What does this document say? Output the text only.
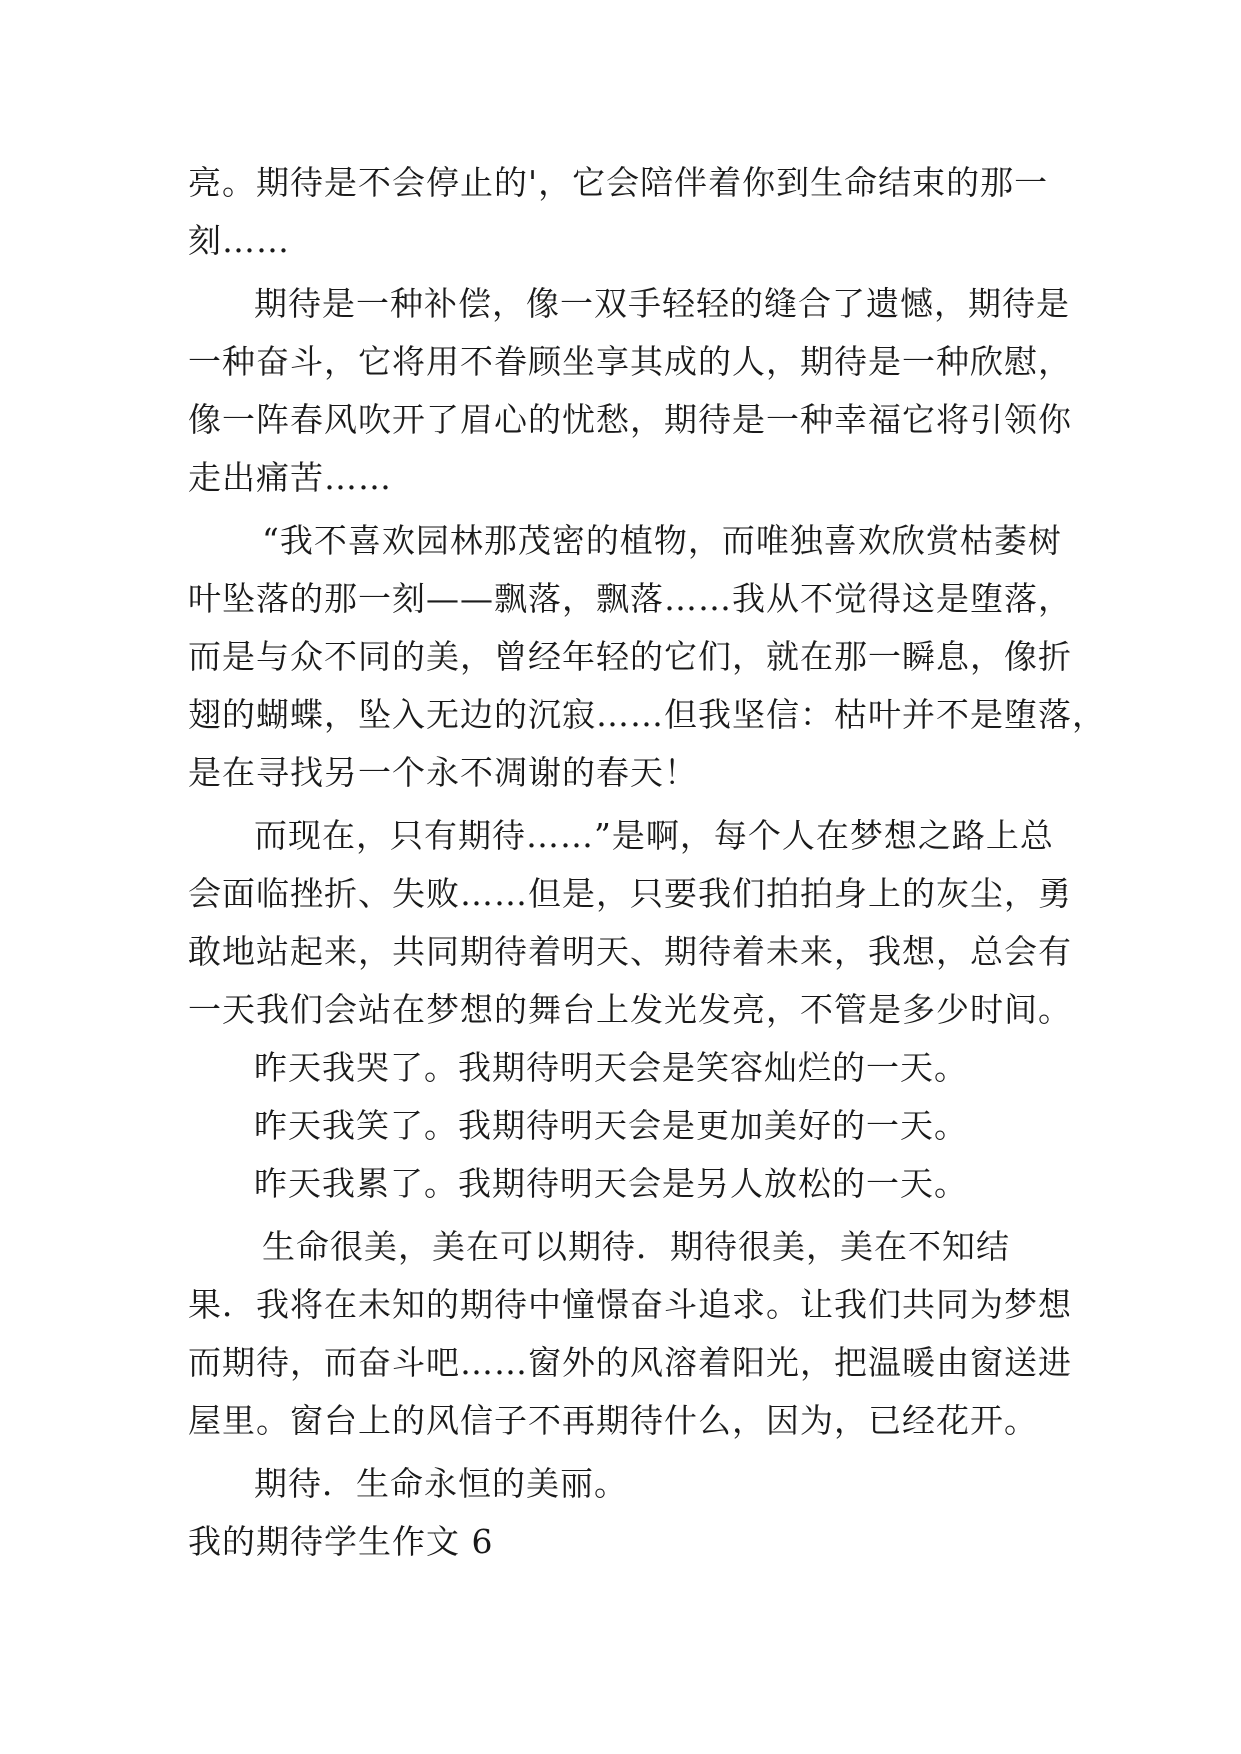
亮。期待是不会停止的'，它会陪伴着你到生命结束的那一
刻……
期待是一种补偿，像一双手轻轻的缝合了遗憾，期待是
一种奋斗，它将用不眷顾坐享其成的人，期待是一种欣慰，
像一阵春风吹开了眉心的忧愁，期待是一种幸福它将引领你
走出痛苦……
“我不喜欢园林那茂密的植物，而唯独喜欢欣赏枯萎树
叶坠落的那一刻——飘落，飘落……我从不觉得这是堕落，
而是与众不同的美，曾经年轻的它们，就在那一瞬息，像折
翅的蝴蝶，坠入无边的沉寂……但我坚信：枯叶并不是堕落，
是在寻找另一个永不凋谢的春天！
而现在，只有期待……”是啊，每个人在梦想之路上总
会面临挫折、失败……但是，只要我们拍拍身上的灰尘，勇
敢地站起来，共同期待着明天、期待着未来，我想，总会有
一天我们会站在梦想的舞台上发光发亮，不管是多少时间。
昨天我哭了。我期待明天会是笑容灿烂的一天。
昨天我笑了。我期待明天会是更加美好的一天。
昨天我累了。我期待明天会是另人放松的一天。
生命很美，美在可以期待．期待很美，美在不知结
果．我将在未知的期待中憧憬奋斗追求。让我们共同为梦想
而期待，而奋斗吧……窗外的风溶着阳光，把温暖由窗送进
屋里。窗台上的风信子不再期待什么，因为，已经花开。
期待．生命永恒的美丽。
我的期待学生作文 6
